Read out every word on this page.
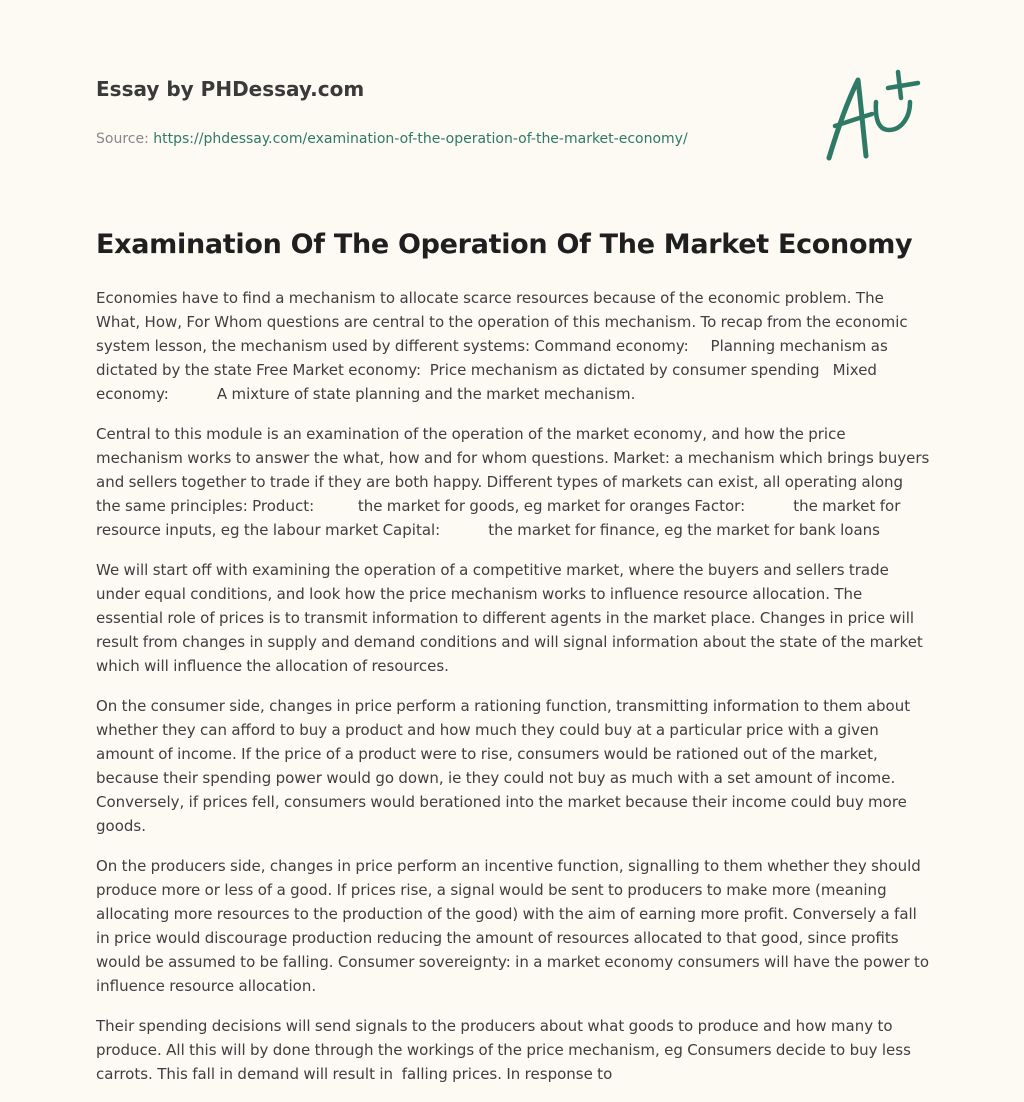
Essay by PHDessay.com
Source: https://phdessay.com/examination-of-the-operation-of-the-market-economy/
Examination Of The Operation Of The Market Economy

Economies have to find a mechanism to allocate scarce resources because of the economic problem. The What, How, For Whom questions are central to the operation of this mechanism. To recap from the economic system lesson, the mechanism used by different systems: Command economy:     Planning mechanism as dictated by the state Free Market economy:  Price mechanism as dictated by consumer spending   Mixed economy:           A mixture of state planning and the market mechanism.

Central to this module is an examination of the operation of the market economy, and how the price mechanism works to answer the what, how and for whom questions. Market: a mechanism which brings buyers and sellers together to trade if they are both happy. Different types of markets can exist, all operating along the same principles: Product:          the market for goods, eg market for oranges Factor:           the market for resource inputs, eg the labour market Capital:           the market for finance, eg the market for bank loans

We will start off with examining the operation of a competitive market, where the buyers and sellers trade under equal conditions, and look how the price mechanism works to influence resource allocation. The essential role of prices is to transmit information to different agents in the market place. Changes in price will result from changes in supply and demand conditions and will signal information about the state of the market which will influence the allocation of resources.

On the consumer side, changes in price perform a rationing function, transmitting information to them about whether they can afford to buy a product and how much they could buy at a particular price with a given amount of income. If the price of a product were to rise, consumers would be rationed out of the market, because their spending power would go down, ie they could not buy as much with a set amount of income. Conversely, if prices fell, consumers would berationed into the market because their income could buy more goods.

On the producers side, changes in price perform an incentive function, signalling to them whether they should produce more or less of a good. If prices rise, a signal would be sent to producers to make more (meaning allocating more resources to the production of the good) with the aim of earning more profit. Conversely a fall in price would discourage production reducing the amount of resources allocated to that good, since profits would be assumed to be falling. Consumer sovereignty: in a market economy consumers will have the power to influence resource allocation.

Their spending decisions will send signals to the producers about what goods to produce and how many to produce. All this will by done through the workings of the price mechanism, eg Consumers decide to buy less carrots. This fall in demand will result in  falling prices. In response to
